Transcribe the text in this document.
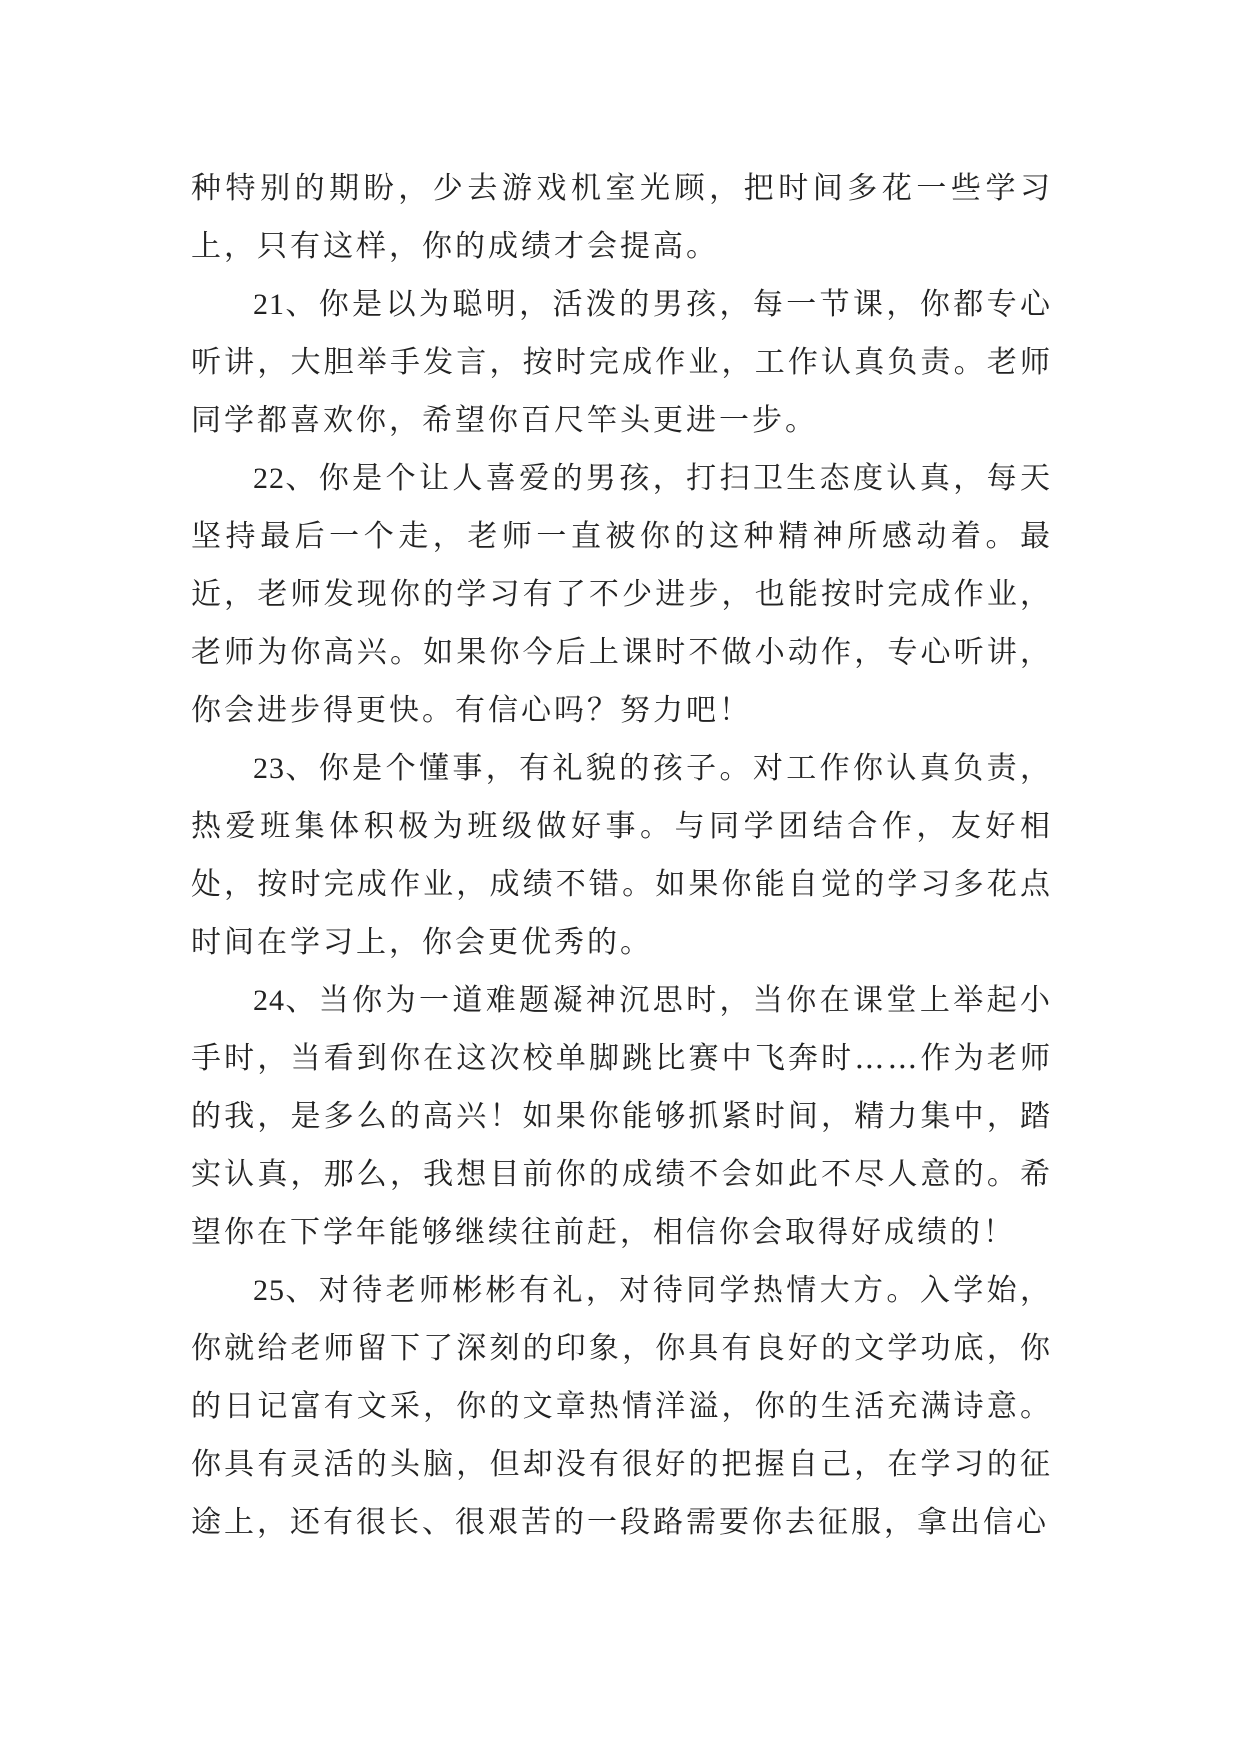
种特别的期盼，少去游戏机室光顾，把时间多花一些学习上，只有这样，你的成绩才会提高。

21、你是以为聪明，活泼的男孩，每一节课，你都专心听讲，大胆举手发言，按时完成作业，工作认真负责。老师同学都喜欢你，希望你百尺竿头更进一步。

22、你是个让人喜爱的男孩，打扫卫生态度认真，每天坚持最后一个走，老师一直被你的这种精神所感动着。最近，老师发现你的学习有了不少进步，也能按时完成作业，老师为你高兴。如果你今后上课时不做小动作，专心听讲，你会进步得更快。有信心吗？努力吧！

23、你是个懂事，有礼貌的孩子。对工作你认真负责，热爱班集体积极为班级做好事。与同学团结合作，友好相处，按时完成作业，成绩不错。如果你能自觉的学习多花点时间在学习上，你会更优秀的。

24、当你为一道难题凝神沉思时，当你在课堂上举起小手时，当看到你在这次校单脚跳比赛中飞奔时……作为老师的我，是多么的高兴！如果你能够抓紧时间，精力集中，踏实认真，那么，我想目前你的成绩不会如此不尽人意的。希望你在下学年能够继续往前赶，相信你会取得好成绩的！

25、对待老师彬彬有礼，对待同学热情大方。入学始，你就给老师留下了深刻的印象，你具有良好的文学功底，你的日记富有文采，你的文章热情洋溢，你的生活充满诗意。你具有灵活的头脑，但却没有很好的把握自己，在学习的征途上，还有很长、很艰苦的一段路需要你去征服，拿出信心
